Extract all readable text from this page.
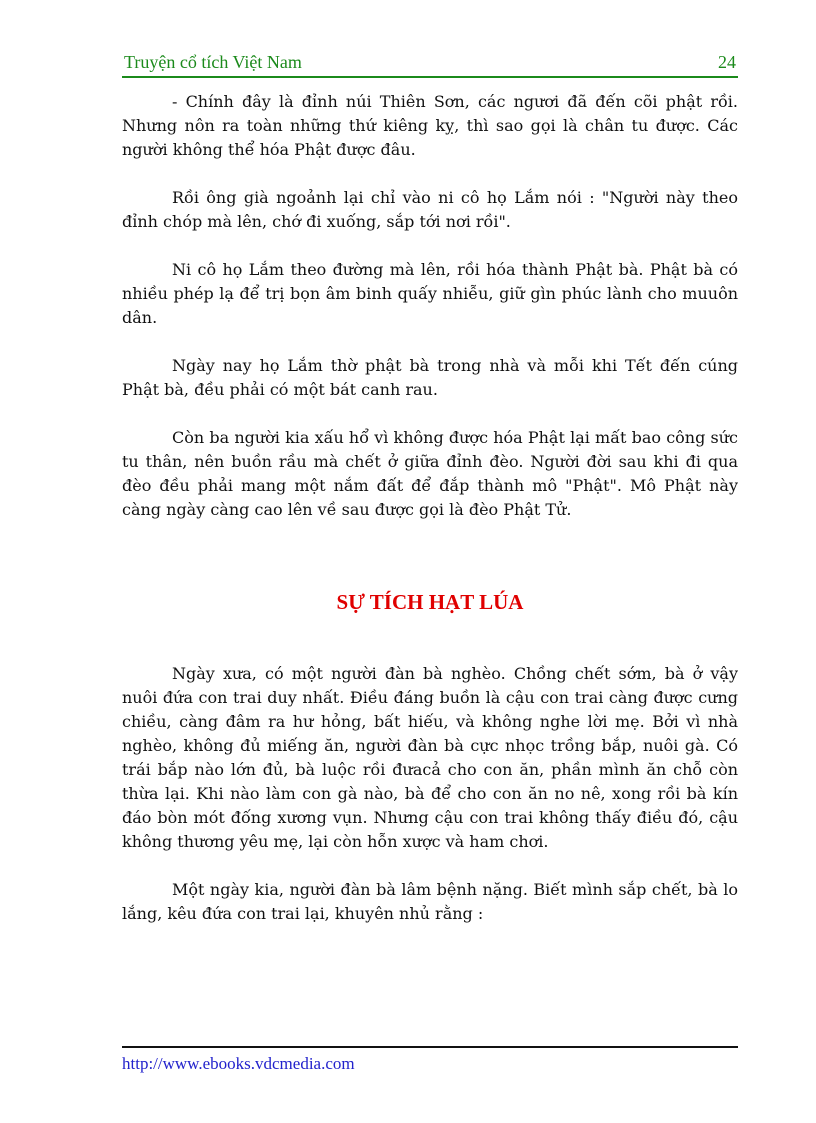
Truyện cổ tích Việt Nam	24

- Chính đây là đỉnh núi Thiên Sơn, các ngươi đã đến cõi phật rồi. Nhưng nôn ra toàn những thứ kiêng kỵ, thì sao gọi là chân tu được. Các người không thể hóa Phật được đâu.

Rồi ông già ngoảnh lại chỉ vào ni cô họ Lắm nói : "Người này theo đỉnh chóp mà lên, chớ đi xuống, sắp tới nơi rồi".

Ni cô họ Lắm theo đường mà lên, rồi hóa thành Phật bà. Phật bà có nhiều phép lạ để trị bọn âm binh quấy nhiễu, giữ gìn phúc lành cho muuôn dân.

Ngày nay họ Lắm thờ phật bà trong nhà và mỗi khi Tết đến cúng Phật bà, đều phải có một bát canh rau.

Còn ba người kia xấu hổ vì không được hóa Phật lại mất bao công sức tu thân, nên buồn rầu mà chết ở giữa đỉnh đèo. Người đời sau khi đi qua đèo đều phải mang một nắm đất để đắp thành mô "Phật". Mô Phật này càng ngày càng cao lên về sau được gọi là đèo Phật Tử.

SỰ TÍCH HẠT LÚA

Ngày xưa, có một người đàn bà nghèo. Chồng chết sớm, bà ở vậy nuôi đứa con trai duy nhất. Điều đáng buồn là cậu con trai càng được cưng chiều, càng đâm ra hư hỏng, bất hiếu, và không nghe lời mẹ. Bởi vì nhà nghèo, không đủ miếng ăn, người đàn bà cực nhọc trồng bắp, nuôi gà. Có trái bắp nào lớn đủ, bà luộc rồi đưacả cho con ăn, phần mình ăn chỗ còn thừa lại. Khi nào làm con gà nào, bà để cho con ăn no nê, xong rồi bà kín đáo bòn mót đống xương vụn. Nhưng cậu con trai không thấy điều đó, cậu không thương yêu mẹ, lại còn hỗn xược và ham chơi.

Một ngày kia, người đàn bà lâm bệnh nặng. Biết mình sắp chết, bà lo lắng, kêu đứa con trai lại, khuyên nhủ rằng :

http://www.ebooks.vdcmedia.com
